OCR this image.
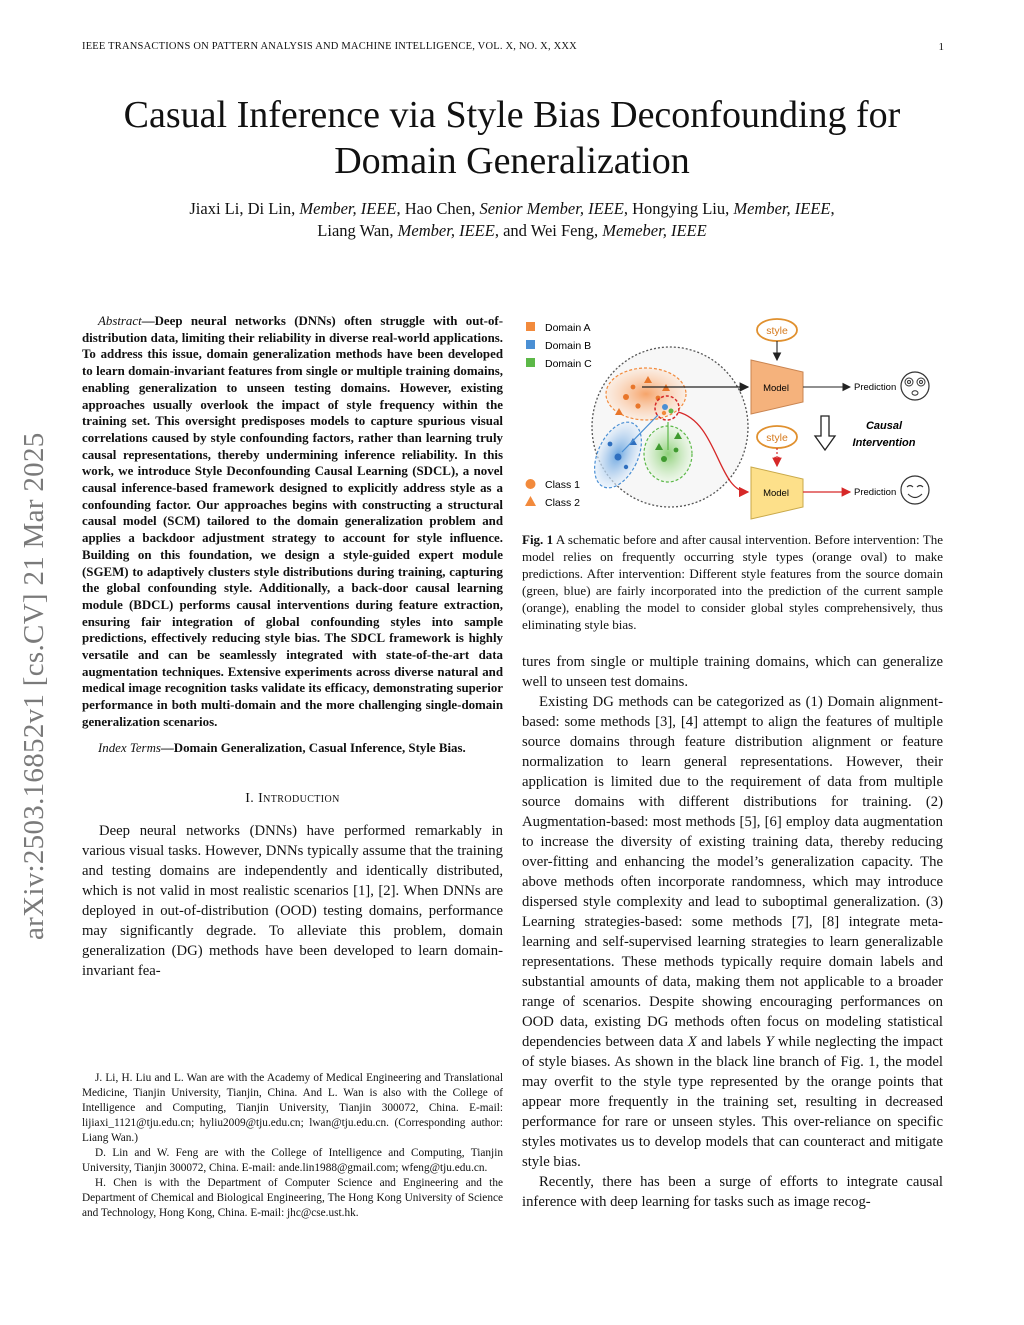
IEEE TRANSACTIONS ON PATTERN ANALYSIS AND MACHINE INTELLIGENCE, VOL. X, NO. X, XXX	1
Casual Inference via Style Bias Deconfounding for
Domain Generalization
Jiaxi Li, Di Lin, Member, IEEE, Hao Chen, Senior Member, IEEE, Hongying Liu, Member, IEEE,
Liang Wan, Member, IEEE, and Wei Feng, Memeber, IEEE
arXiv:2503.16852v1 [cs.CV] 21 Mar 2025

Abstract—Deep neural networks (DNNs) often struggle with out-of-distribution data, limiting their reliability in diverse real-world applications. To address this issue, domain generalization methods have been developed to learn domain-invariant features from single or multiple training domains, enabling generalization to unseen testing domains. However, existing approaches usually overlook the impact of style frequency within the training set. This oversight predisposes models to capture spurious visual correlations caused by style confounding factors, rather than learning truly causal representations, thereby undermining inference reliability. In this work, we introduce Style Deconfounding Causal Learning (SDCL), a novel causal inference-based framework designed to explicitly address style as a confounding factor. Our approaches begins with constructing a structural causal model (SCM) tailored to the domain generalization problem and applies a backdoor adjustment strategy to account for style influence. Building on this foundation, we design a style-guided expert module (SGEM) to adaptively clusters style distributions during training, capturing the global confounding style. Additionally, a back-door causal learning module (BDCL) performs causal interventions during feature extraction, ensuring fair integration of global confounding styles into sample predictions, effectively reducing style bias. The SDCL framework is highly versatile and can be seamlessly integrated with state-of-the-art data augmentation techniques. Extensive experiments across diverse natural and medical image recognition tasks validate its efficacy, demonstrating superior performance in both multi-domain and the more challenging single-domain generalization scenarios.

Index Terms—Domain Generalization, Casual Inference, Style Bias.

I. Introduction

Deep neural networks (DNNs) have performed remarkably in various visual tasks. However, DNNs typically assume that the training and testing domains are independently and identically distributed, which is not valid in most realistic scenarios [1], [2]. When DNNs are deployed in out-of-distribution (OOD) testing domains, performance may significantly degrade. To alleviate this problem, domain generalization (DG) methods have been developed to learn domain-invariant fea-

J. Li, H. Liu and L. Wan are with the Academy of Medical Engineering and Translational Medicine, Tianjin University, Tianjin, China. And L. Wan is also with the College of Intelligence and Computing, Tianjin University, Tianjin 300072, China. E-mail: lijiaxi_1121@tju.edu.cn; hyliu2009@tju.edu.cn; lwan@tju.edu.cn. (Corresponding author: Liang Wan.)

D. Lin and W. Feng are with the College of Intelligence and Computing, Tianjin University, Tianjin 300072, China. E-mail: ande.lin1988@gmail.com; wfeng@tju.edu.cn.

H. Chen is with the Department of Computer Science and Engineering and the Department of Chemical and Biological Engineering, The Hong Kong University of Science and Technology, Hong Kong, China. E-mail: jhc@cse.ust.hk.

Domain A
Domain B
Domain C
Class 1
Class 2
style
Model	Prediction
Causal
Intervention
style
×
Model	Prediction
Fig. 1 A schematic before and after causal intervention. Before intervention: The model relies on frequently occurring style types (orange oval) to make predictions. After intervention: Different style features from the source domain (green, blue) are fairly incorporated into the prediction of the current sample (orange), enabling the model to consider global styles comprehensively, thus eliminating style bias.

tures from single or multiple training domains, which can generalize well to unseen test domains.

Existing DG methods can be categorized as (1) Domain alignment-based: some methods [3], [4] attempt to align the features of multiple source domains through feature distribution alignment or feature normalization to learn general representations. However, their application is limited due to the requirement of data from multiple source domains with different distributions for training. (2) Augmentation-based: most methods [5], [6] employ data augmentation to increase the diversity of existing training data, thereby reducing over-fitting and enhancing the model’s generalization capacity. The above methods often incorporate randomness, which may introduce dispersed style complexity and lead to suboptimal generalization. (3) Learning strategies-based: some methods [7], [8] integrate meta-learning and self-supervised learning strategies to learn generalizable representations. These methods typically require domain labels and substantial amounts of data, making them not applicable to a broader range of scenarios. Despite showing encouraging performances on OOD data, existing DG methods often focus on modeling statistical dependencies between data X and labels Y while neglecting the impact of style biases. As shown in the black line branch of Fig. 1, the model may overfit to the style type represented by the orange points that appear more frequently in the training set, resulting in decreased performance for rare or unseen styles. This over-reliance on specific styles motivates us to develop models that can counteract and mitigate style bias.

Recently, there has been a surge of efforts to integrate causal inference with deep learning for tasks such as image recog-
